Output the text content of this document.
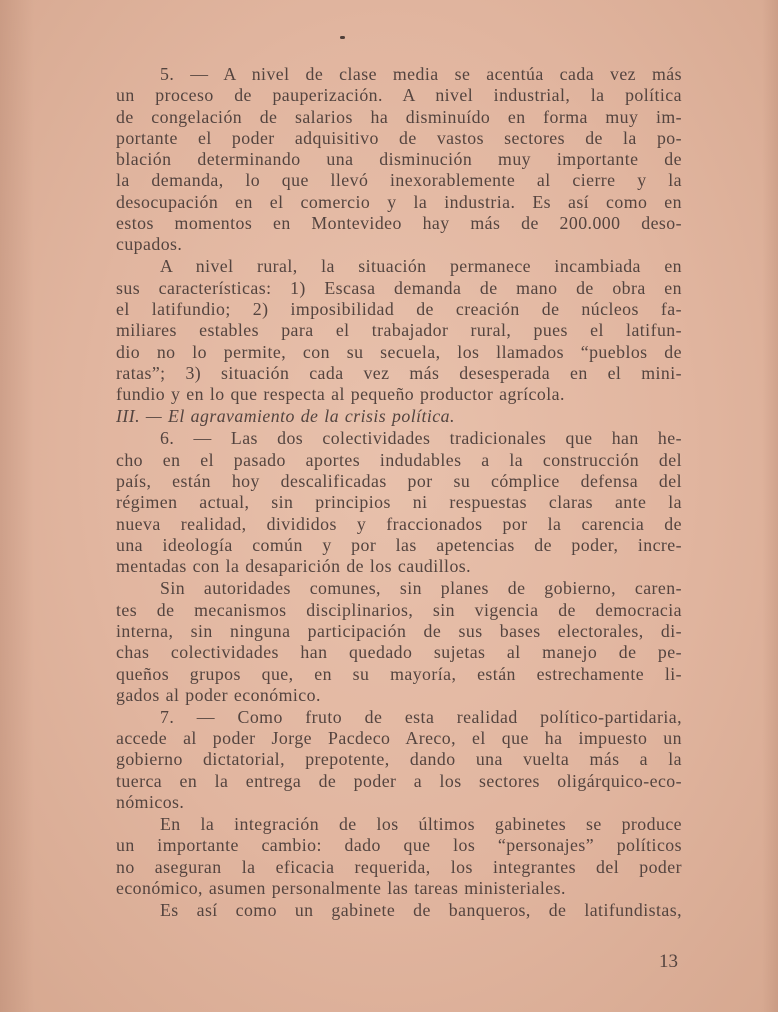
5. — A nivel de clase media se acentúa cada vez más
un proceso de pauperización. A nivel industrial, la política
de congelación de salarios ha disminuído en forma muy im-
portante el poder adquisitivo de vastos sectores de la po-
blación determinando una disminución muy importante de
la demanda, lo que llevó inexorablemente al cierre y la
desocupación en el comercio y la industria. Es así como en
estos momentos en Montevideo hay más de 200.000 deso-
cupados.
A nivel rural, la situación permanece incambiada en
sus características: 1) Escasa demanda de mano de obra en
el latifundio; 2) imposibilidad de creación de núcleos fa-
miliares estables para el trabajador rural, pues el latifun-
dio no lo permite, con su secuela, los llamados “pueblos de
ratas”; 3) situación cada vez más desesperada en el mini-
fundio y en lo que respecta al pequeño productor agrícola.
III. — El agravamiento de la crisis política.
6. — Las dos colectividades tradicionales que han he-
cho en el pasado aportes indudables a la construcción del
país, están hoy descalificadas por su cómplice defensa del
régimen actual, sin principios ni respuestas claras ante la
nueva realidad, divididos y fraccionados por la carencia de
una ideología común y por las apetencias de poder, incre-
mentadas con la desaparición de los caudillos.
Sin autoridades comunes, sin planes de gobierno, caren-
tes de mecanismos disciplinarios, sin vigencia de democracia
interna, sin ninguna participación de sus bases electorales, di-
chas colectividades han quedado sujetas al manejo de pe-
queños grupos que, en su mayoría, están estrechamente li-
gados al poder económico.
7. — Como fruto de esta realidad político-partidaria,
accede al poder Jorge Pacdeco Areco, el que ha impuesto un
gobierno dictatorial, prepotente, dando una vuelta más a la
tuerca en la entrega de poder a los sectores oligárquico-eco-
nómicos.
En la integración de los últimos gabinetes se produce
un importante cambio: dado que los “personajes” políticos
no aseguran la eficacia requerida, los integrantes del poder
económico, asumen personalmente las tareas ministeriales.
Es así como un gabinete de banqueros, de latifundistas,
13
